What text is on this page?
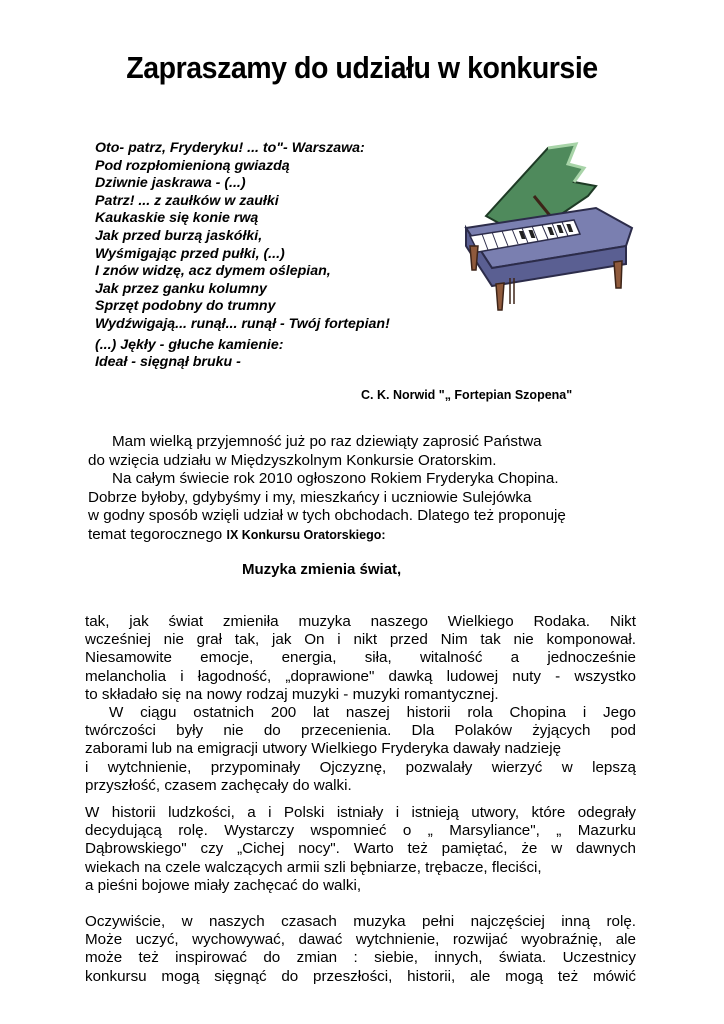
Zapraszamy do udziału w konkursie
Oto- patrz, Fryderyku! ... to"- Warszawa:
Pod rozpłomienioną gwiazdą
Dziwnie jaskrawa - (...)
Patrz! ... z zaułków w zaułki
Kaukaskie się konie rwą
Jak przed burzą jaskółki,
Wyśmigając przed pułki, (...)
I znów widzę, acz dymem oślepian,
Jak przez ganku kolumny
Sprzęt podobny do trumny
Wydźwigają... runął... runął - Twój fortepian!
(...) Jękły - głuche kamienie:
Ideał - sięgnął bruku -
C. K. Norwid "„ Fortepian Szopena"
Mam wielką przyjemność już po raz dziewiąty zaprosić Państwa
do wzięcia udziału w Międzyszkolnym Konkursie Oratorskim.
Na całym świecie rok 2010 ogłoszono Rokiem Fryderyka Chopina.
Dobrze byłoby, gdybyśmy i my, mieszkańcy i uczniowie Sulejówka
w godny sposób wzięli udział w tych obchodach. Dlatego też proponuję
temat tegorocznego IX Konkursu Oratorskiego:
Muzyka zmienia świat,
tak, jak świat zmieniła muzyka naszego Wielkiego Rodaka. Nikt
wcześniej nie grał tak, jak On i nikt przed Nim tak nie komponował.
Niesamowite emocje, energia, siła, witalność a jednocześnie
melancholia i łagodność, „doprawione" dawką ludowej nuty - wszystko
to składało się na nowy rodzaj muzyki - muzyki romantycznej.
W ciągu ostatnich 200 lat naszej historii rola Chopina i Jego
twórczości były nie do przecenienia. Dla Polaków żyjących pod
zaborami lub na emigracji utwory Wielkiego Fryderyka dawały nadzieję
i wytchnienie, przypominały Ojczyznę, pozwalały wierzyć w lepszą
przyszłość, czasem zachęcały do walki.
W historii ludzkości, a i Polski istniały i istnieją utwory, które odegrały
decydującą rolę. Wystarczy wspomnieć o „ Marsyliance", „ Mazurku
Dąbrowskiego" czy „Cichej nocy". Warto też pamiętać, że w dawnych
wiekach na czele walczących armii szli bębniarze, trębacze, fleciści,
a pieśni bojowe miały zachęcać do walki,
Oczywiście, w naszych czasach muzyka pełni najczęściej inną rolę.
Może uczyć, wychowywać, dawać wytchnienie, rozwijać wyobraźnię, ale
może też inspirować do zmian : siebie, innych, świata. Uczestnicy
konkursu mogą sięgnąć do przeszłości, historii, ale mogą też mówić
